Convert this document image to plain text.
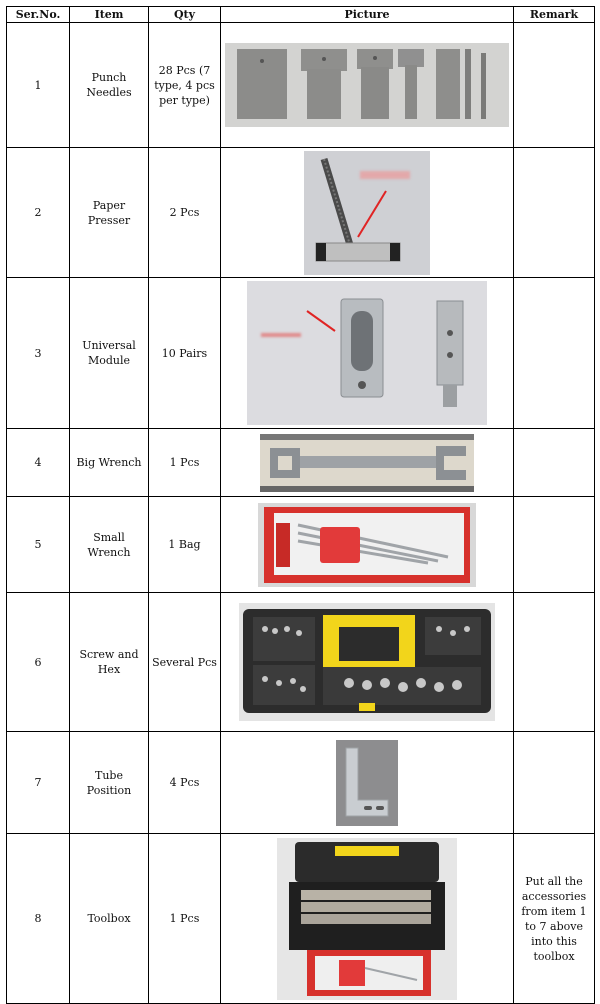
Ser.No.	Item	Qty	Picture	Remark
1	Punch Needles	28 Pcs (7 type, 4 pcs per type)	

2	Paper Presser	2 Pcs	

3	Universal Module	10 Pairs	

4	Big Wrench	1 Pcs	

5	Small Wrench	1 Bag	

6	Screw and Hex	Several Pcs	

7	Tube Position	4 Pcs	

8	Toolbox	1 Pcs		Put all the accessories from item 1 to 7 above into this toolbox
